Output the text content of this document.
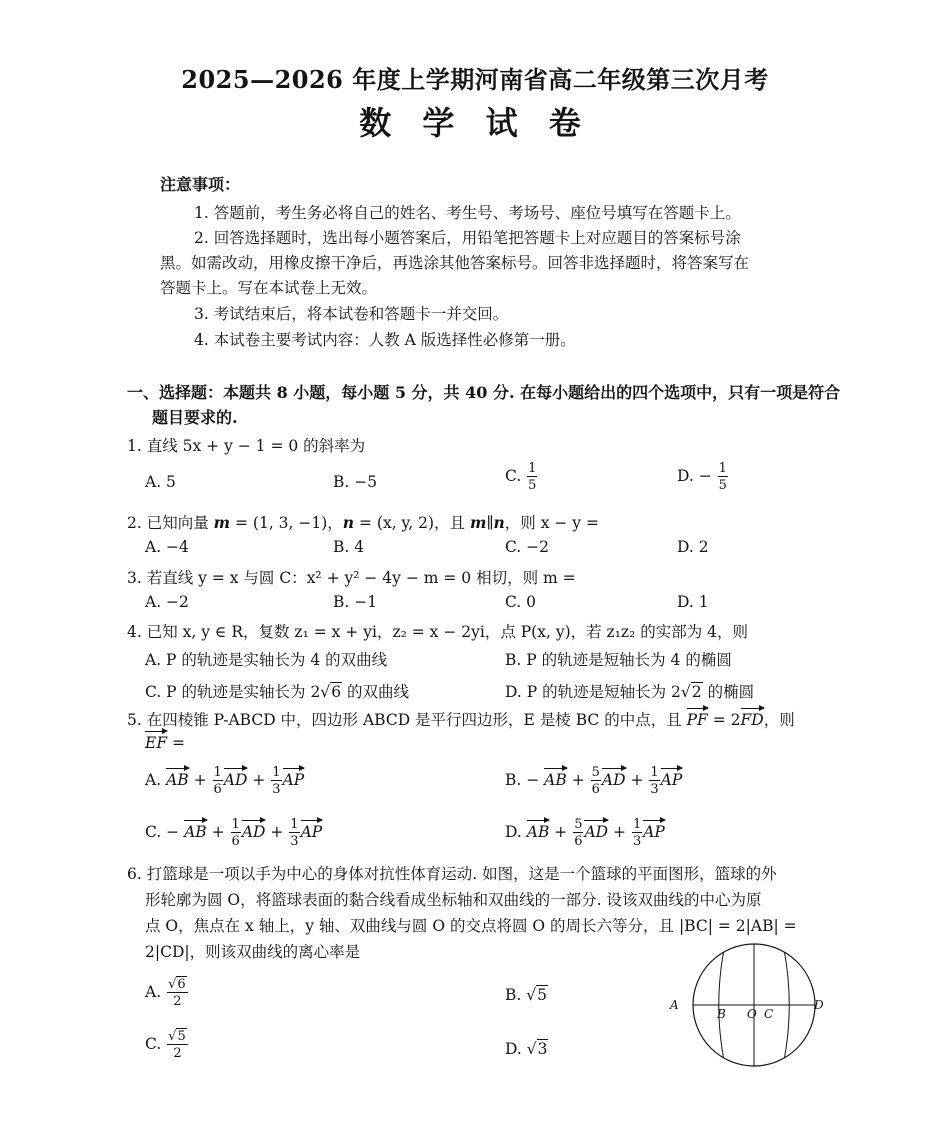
2025—2026 年度上学期河南省高二年级第三次月考
数 学 试 卷
注意事项：
1. 答题前，考生务必将自己的姓名、考生号、考场号、座位号填写在答题卡上。
2. 回答选择题时，选出每小题答案后，用铅笔把答题卡上对应题目的答案标号涂
黑。如需改动，用橡皮擦干净后，再选涂其他答案标号。回答非选择题时，将答案写在
答题卡上。写在本试卷上无效。
3. 考试结束后，将本试卷和答题卡一并交回。
4. 本试卷主要考试内容：人教 A 版选择性必修第一册。
一、选择题：本题共 8 小题，每小题 5 分，共 40 分. 在每小题给出的四个选项中，只有一项是符合
题目要求的.
1. 直线 5x + y − 1 = 0 的斜率为
A. 5	B. −5	C. $\frac{1}{5}$	D. − $\frac{1}{5}$
2. 已知向量 m = (1, 3, −1)，n = (x, y, 2)，且 m∥n，则 x − y =
A. −4	B. 4	C. −2	D. 2
3. 若直线 y = x 与圆 C：x² + y² − 4y − m = 0 相切，则 m =
A. −2	B. −1	C. 0	D. 1
4. 已知 x, y ∈ R，复数 z₁ = x + yi，z₂ = x − 2yi，点 P(x, y)，若 z₁z₂ 的实部为 4，则
A. P 的轨迹是实轴长为 4 的双曲线	B. P 的轨迹是短轴长为 4 的椭圆
C. P 的轨迹是实轴长为 2√6 的双曲线	D. P 的轨迹是短轴长为 2√2 的椭圆
5. 在四棱锥 P-ABCD 中，四边形 ABCD 是平行四边形，E 是棱 BC 的中点，且 PF = 2FD，则
EF =
A. AB + $\frac{1}{6}$ AD + $\frac{1}{3}$ AP	B. − AB + $\frac{5}{6}$ AD + $\frac{1}{3}$ AP
C. − AB + $\frac{1}{6}$ AD + $\frac{1}{3}$ AP	D. AB + $\frac{5}{6}$ AD + $\frac{1}{3}$ AP
6. 打篮球是一项以手为中心的身体对抗性体育运动. 如图，这是一个篮球的平面图形，篮球的外
形轮廓为圆 O，将篮球表面的黏合线看成坐标轴和双曲线的一部分. 设该双曲线的中心为原
点 O，焦点在 x 轴上，y 轴、双曲线与圆 O 的交点将圆 O 的周长六等分，且 |BC| = 2|AB| =
2|CD|，则该双曲线的离心率是
A. $\frac{√6}{2}$	B. √5
C. $\frac{√5}{2}$	D. √3
A
B O C
D
